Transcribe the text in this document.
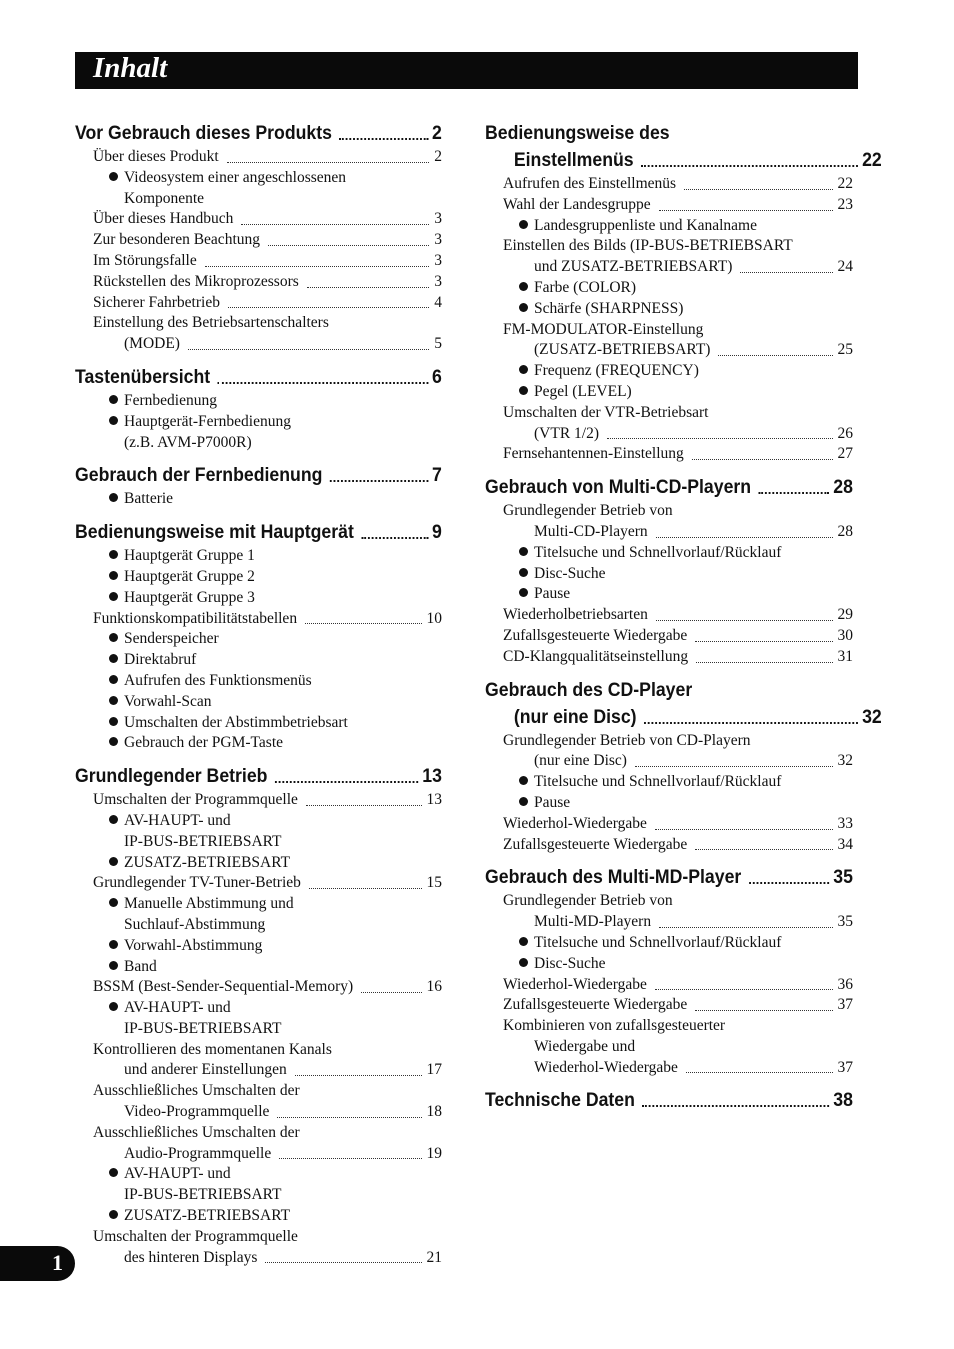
Inhalt
Vor Gebrauch dieses Produkts	2
Über dieses Produkt	2
Videosystem einer angeschlossenen
Komponente
Über dieses Handbuch	3
Zur besonderen Beachtung	3
Im Störungsfalle	3
Rückstellen des Mikroprozessors	3
Sicherer Fahrbetrieb	4
Einstellung des Betriebsartenschalters
(MODE)	5
Tastenübersicht	6
Fernbedienung
Hauptgerät-Fernbedienung
(z.B. AVM-P7000R)
Gebrauch der Fernbedienung	7
Batterie
Bedienungsweise mit Hauptgerät	9
Hauptgerät Gruppe 1
Hauptgerät Gruppe 2
Hauptgerät Gruppe 3
Funktionskompatibilitätstabellen	10
Senderspeicher
Direktabruf
Aufrufen des Funktionsmenüs
Vorwahl-Scan
Umschalten der Abstimmbetriebsart
Gebrauch der PGM-Taste
Grundlegender Betrieb	13
Umschalten der Programmquelle	13
AV-HAUPT- und
IP-BUS-BETRIEBSART
ZUSATZ-BETRIEBSART
Grundlegender TV-Tuner-Betrieb	15
Manuelle Abstimmung und
Suchlauf-Abstimmung
Vorwahl-Abstimmung
Band
BSSM (Best-Sender-Sequential-Memory)	16
AV-HAUPT- und
IP-BUS-BETRIEBSART
Kontrollieren des momentanen Kanals
und anderer Einstellungen	17
Ausschließliches Umschalten der
Video-Programmquelle	18
Ausschließliches Umschalten der
Audio-Programmquelle	19
AV-HAUPT- und
IP-BUS-BETRIEBSART
ZUSATZ-BETRIEBSART
Umschalten der Programmquelle
des hinteren Displays	21
Bedienungsweise des
Einstellmenüs	22
Aufrufen des Einstellmenüs	22
Wahl der Landesgruppe	23
Landesgruppenliste und Kanalname
Einstellen des Bilds (IP-BUS-BETRIEBSART
und ZUSATZ-BETRIEBSART)	24
Farbe (COLOR)
Schärfe (SHARPNESS)
FM-MODULATOR-Einstellung
(ZUSATZ-BETRIEBSART)	25
Frequenz (FREQUENCY)
Pegel (LEVEL)
Umschalten der VTR-Betriebsart
(VTR 1/2)	26
Fernsehantennen-Einstellung	27
Gebrauch von Multi-CD-Playern	28
Grundlegender Betrieb von
Multi-CD-Playern	28
Titelsuche und Schnellvorlauf/Rücklauf
Disc-Suche
Pause
Wiederholbetriebsarten	29
Zufallsgesteuerte Wiedergabe	30
CD-Klangqualitätseinstellung	31
Gebrauch des CD-Player
(nur eine Disc)	32
Grundlegender Betrieb von CD-Playern
(nur eine Disc)	32
Titelsuche und Schnellvorlauf/Rücklauf
Pause
Wiederhol-Wiedergabe	33
Zufallsgesteuerte Wiedergabe	34
Gebrauch des Multi-MD-Player	35
Grundlegender Betrieb von
Multi-MD-Playern	35
Titelsuche und Schnellvorlauf/Rücklauf
Disc-Suche
Wiederhol-Wiedergabe	36
Zufallsgesteuerte Wiedergabe	37
Kombinieren von zufallsgesteuerter
Wiedergabe und
Wiederhol-Wiedergabe	37
Technische Daten	38
1
